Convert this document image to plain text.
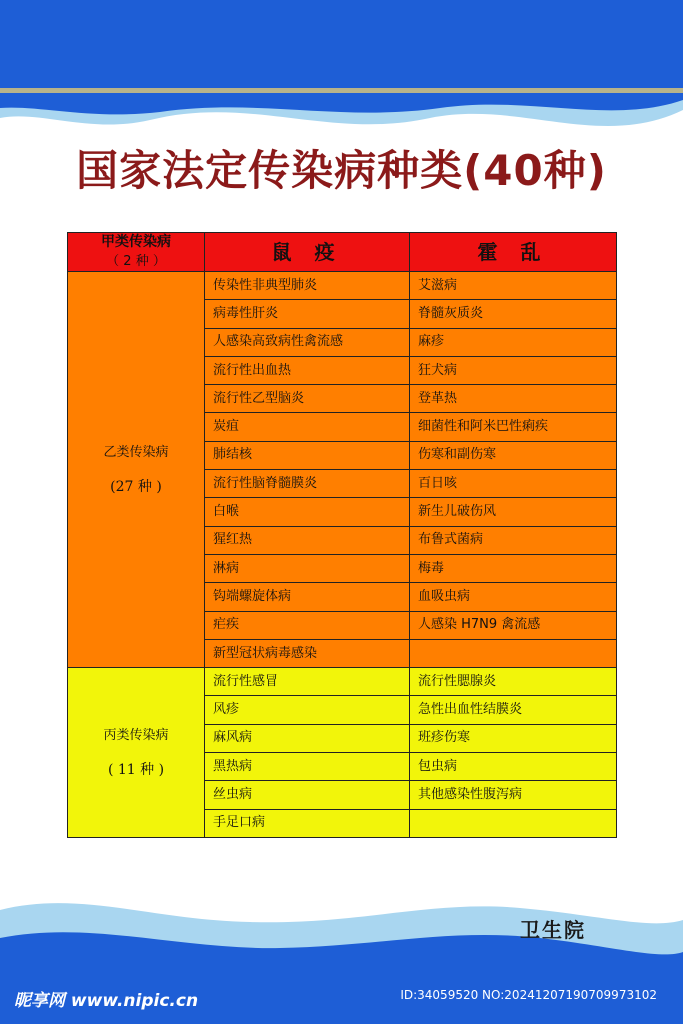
国家法定传染病种类(40种)
甲类传染病
（ 2 种 ）	鼠 疫	霍 乱

乙类传染病
(27 种 )	传染性非典型肺炎	艾滋病
	病毒性肝炎	脊髓灰质炎
	人感染高致病性禽流感	麻疹
	流行性出血热	狂犬病
	流行性乙型脑炎	登革热
	炭疽	细菌性和阿米巴性痢疾
	肺结核	伤寒和副伤寒
	流行性脑脊髓膜炎	百日咳
	白喉	新生儿破伤风
	猩红热	布鲁式菌病
	淋病	梅毒
	钩端螺旋体病	血吸虫病
	疟疾	人感染 H7N9 禽流感
	新型冠状病毒感染	

丙类传染病
( 11 种 )	流行性感冒	流行性腮腺炎
	风疹	急性出血性结膜炎
	麻风病	班疹伤寒
	黑热病	包虫病
	丝虫病	其他感染性腹泻病
	手足口病	
卫生院
昵享网 www.nipic.cn	ID:34059520 NO:20241207190709973102
